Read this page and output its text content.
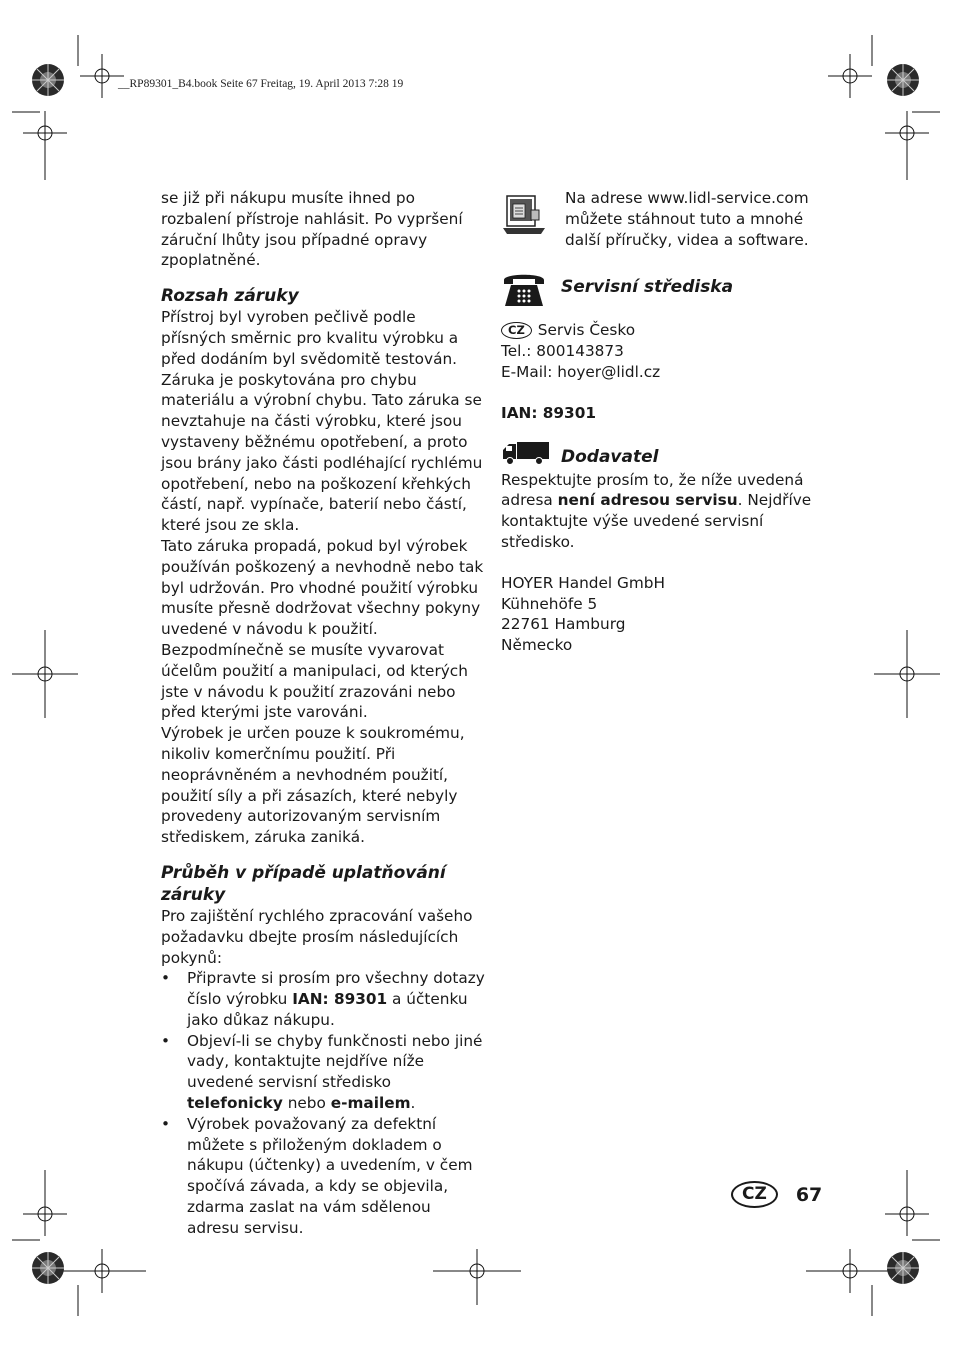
__RP89301_B4.book Seite 67 Freitag, 19. April 2013 7:28 19

se již při nákupu musíte ihned po rozbalení přístroje nahlásit. Po vypršení záruční lhůty jsou případné opravy zpoplatněné.

Rozsah záruky

Přístroj byl vyroben pečlivě podle přísných směrnic pro kvalitu výrobku a před dodáním byl svědomitě testován.

Záruka je poskytována pro chybu materiálu a výrobní chybu. Tato záruka se nevztahuje na části výrobku, které jsou vystaveny běžnému opotřebení, a proto jsou brány jako části podléhající rychlému opotřebení, nebo na poškození křehkých částí, např. vypínače, baterií nebo částí, které jsou ze skla.

Tato záruka propadá, pokud byl výrobek používán poškozený a nevhodně nebo tak byl udržován. Pro vhodné použití výrobku musíte přesně dodržovat všechny pokyny uvedené v návodu k použití. Bezpodmínečně se musíte vyvarovat účelům použití a manipulaci, od kterých jste v návodu k použití zrazováni nebo před kterými jste varováni.

Výrobek je určen pouze k soukromému, nikoliv komerčnímu použití. Při neoprávněném a nevhodném použití, použití síly a při zásazích, které nebyly provedeny autorizovaným servisním střediskem, záruka zaniká.

Průběh v případě uplatňování záruky

Pro zajištění rychlého zpracování vašeho požadavku dbejte prosím následujících pokynů:

• Připravte si prosím pro všechny dotazy číslo výrobku IAN: 89301 a účtenku jako důkaz nákupu.
• Objeví-li se chyby funkčnosti nebo jiné vady, kontaktujte nejdříve níže uvedené servisní středisko telefonicky nebo e-mailem.
• Výrobek považovaný za defektní můžete s přiloženým dokladem o nákupu (účtenky) a uvedením, v čem spočívá závada, a kdy se objevila, zdarma zaslat na vám sdělenou adresu servisu.

Na adrese www.lidl-service.com můžete stáhnout tuto a mnohé další příručky, videa a software.

Servisní střediska

CZ Servis Česko

Tel.: 800143873

E-Mail: hoyer@lidl.cz

IAN: 89301

Dodavatel

Respektujte prosím to, že níže uvedená adresa není adresou servisu. Nejdříve kontaktujte výše uvedené servisní středisko.

HOYER Handel GmbH

Kühnehöfe 5

22761 Hamburg

Německo

CZ	67
